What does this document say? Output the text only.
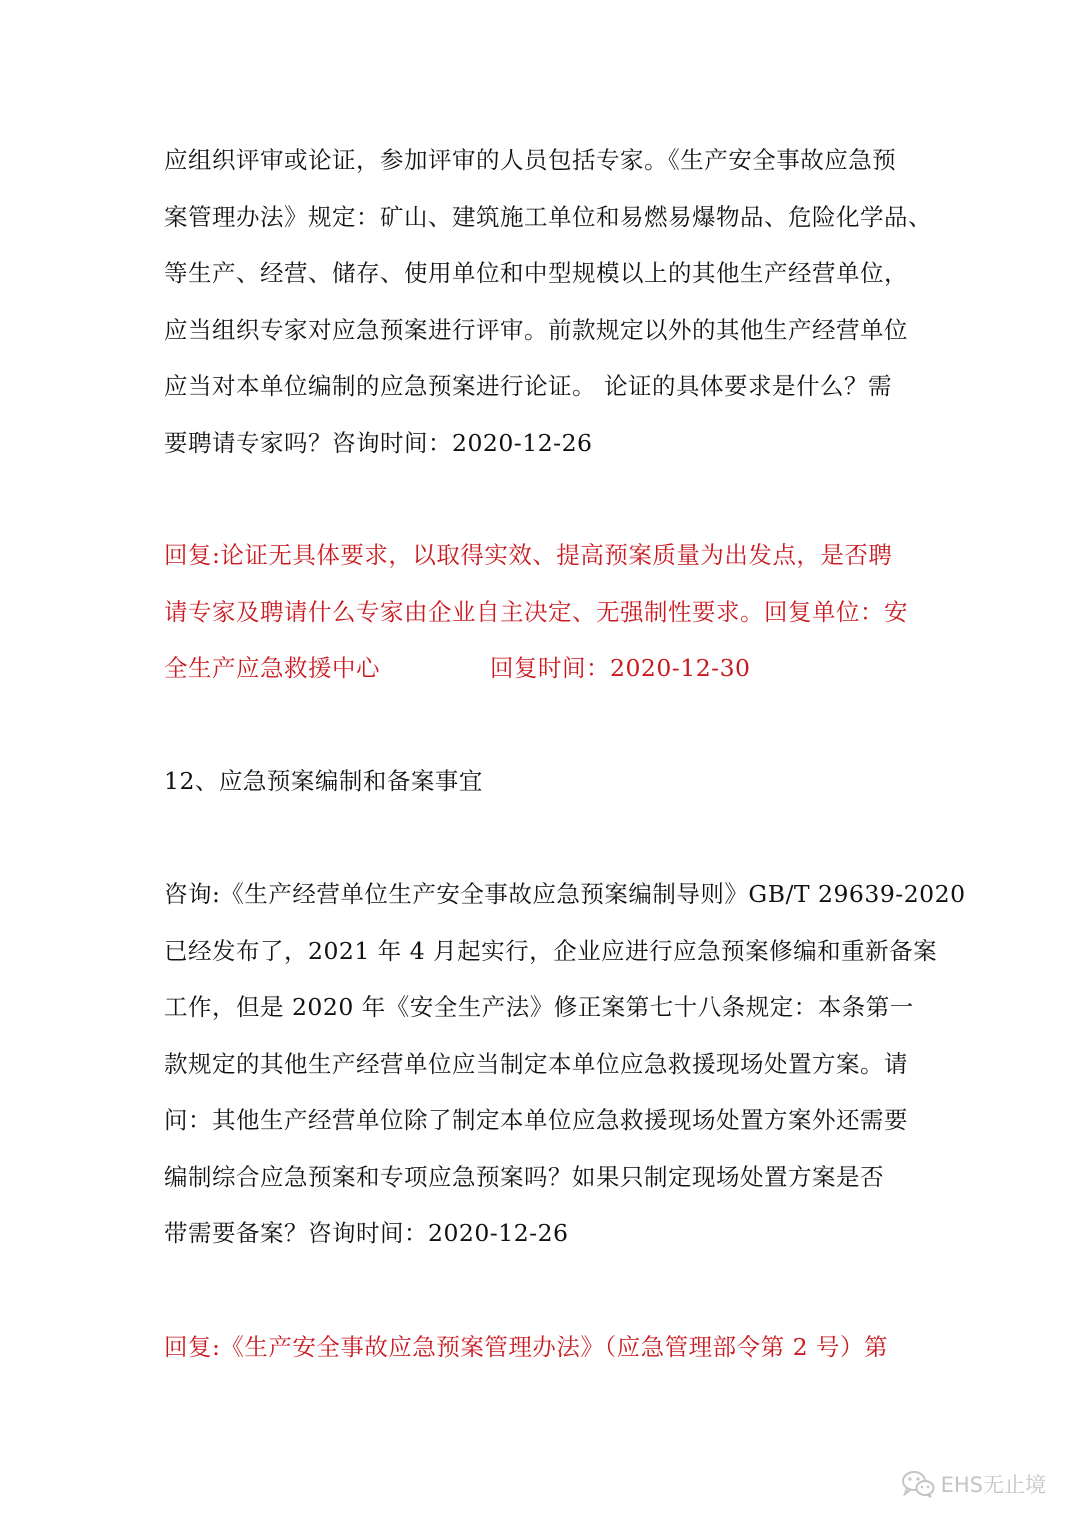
应组织评审或论证，参加评审的人员包括专家。《生产安全事故应急预
案管理办法》规定：矿山、建筑施工单位和易燃易爆物品、危险化学品、
等生产、经营、储存、使用单位和中型规模以上的其他生产经营单位，
应当组织专家对应急预案进行评审。前款规定以外的其他生产经营单位
应当对本单位编制的应急预案进行论证。 论证的具体要求是什么？需
要聘请专家吗？咨询时间：2020-12-26
回复:论证无具体要求，以取得实效、提高预案质量为出发点，是否聘
请专家及聘请什么专家由企业自主决定、无强制性要求。回复单位：安
全生产应急救援中心	回复时间：2020-12-30
12、应急预案编制和备案事宜
咨询:《生产经营单位生产安全事故应急预案编制导则》GB/T 29639-2020
已经发布了，2021 年 4 月起实行，企业应进行应急预案修编和重新备案
工作，但是 2020 年《安全生产法》修正案第七十八条规定：本条第一
款规定的其他生产经营单位应当制定本单位应急救援现场处置方案。请
问：其他生产经营单位除了制定本单位应急救援现场处置方案外还需要
编制综合应急预案和专项应急预案吗？如果只制定现场处置方案是否
带需要备案？咨询时间：2020-12-26
回复:《生产安全事故应急预案管理办法》（应急管理部令第 2 号）第
EHS无止境
